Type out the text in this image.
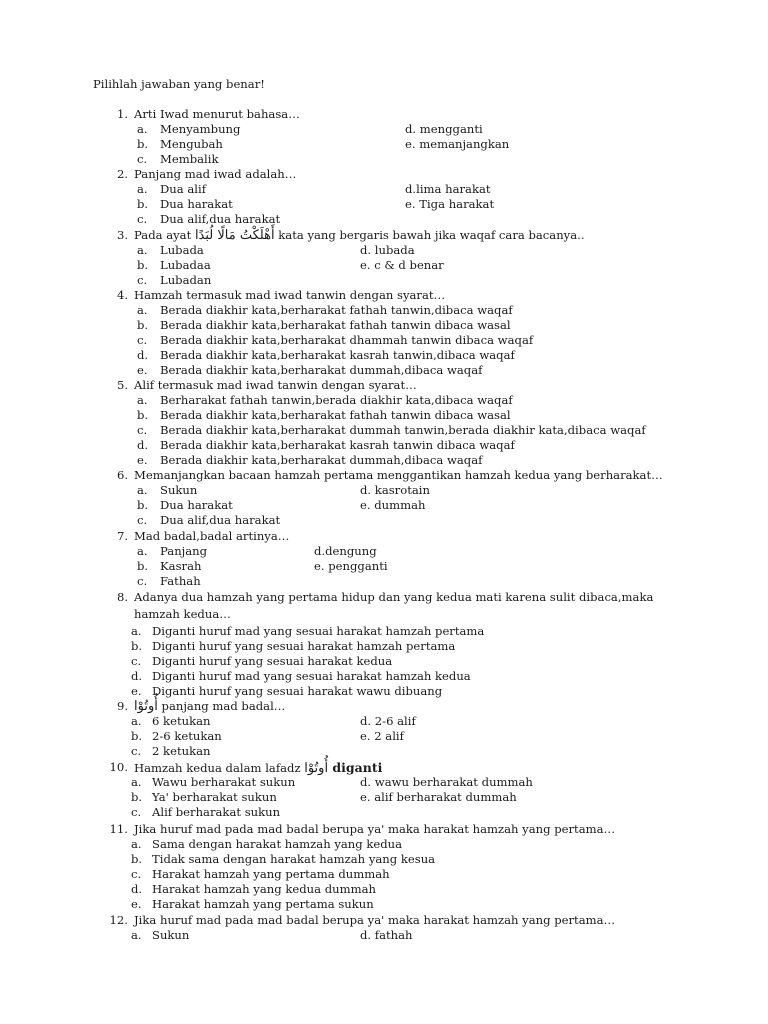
Pilihlah jawaban yang benar!
1. Arti Iwad menurut bahasa…
a. Menyambung	d. mengganti
b. Mengubah	e. memanjangkan
c. Membalik
2. Panjang mad iwad adalah…
a. Dua alif	d.lima harakat
b. Dua harakat	e. Tiga harakat
c. Dua alif,dua harakat
3. Pada ayat أَهْلَكْتُ مَالًا لُبَدًا kata yang bergaris bawah jika waqaf cara bacanya..
a. Lubada	d. lubada
b. Lubadaa	e. c & d benar
c. Lubadan
4. Hamzah termasuk mad iwad tanwin dengan syarat…
a. Berada diakhir kata,berharakat fathah tanwin,dibaca waqaf
b. Berada diakhir kata,berharakat fathah tanwin dibaca wasal
c. Berada diakhir kata,berharakat dhammah tanwin dibaca waqaf
d. Berada diakhir kata,berharakat kasrah tanwin,dibaca waqaf
e. Berada diakhir kata,berharakat dummah,dibaca waqaf
5. Alif termasuk mad iwad tanwin dengan syarat…
a. Berharakat fathah tanwin,berada diakhir kata,dibaca waqaf
b. Berada diakhir kata,berharakat fathah tanwin dibaca wasal
c. Berada diakhir kata,berharakat dummah tanwin,berada diakhir kata,dibaca waqaf
d. Berada diakhir kata,berharakat kasrah tanwin dibaca waqaf
e. Berada diakhir kata,berharakat dummah,dibaca waqaf
6. Memanjangkan bacaan hamzah pertama menggantikan hamzah kedua yang berharakat…
a. Sukun	d. kasrotain
b. Dua harakat	e. dummah
c. Dua alif,dua harakat
7. Mad badal,badal artinya…
a. Panjang	d.dengung
b. Kasrah	e. pengganti
c. Fathah
8. Adanya dua hamzah yang pertama hidup dan yang kedua mati karena sulit dibaca,maka
hamzah kedua…
a. Diganti huruf mad yang sesuai harakat hamzah pertama
b. Diganti huruf yang sesuai harakat hamzah pertama
c. Diganti huruf yang sesuai harakat kedua
d. Diganti huruf mad yang sesuai harakat hamzah kedua
e. Diganti huruf yang sesuai harakat wawu dibuang
9. أُوتُوْا panjang mad badal…
a. 6 ketukan	d. 2-6 alif
b. 2-6 ketukan	e. 2 alif
c. 2 ketukan
10. Hamzah kedua dalam lafadz أُوتُوْا diganti
a. Wawu berharakat sukun	d. wawu berharakat dummah
b. Ya' berharakat sukun	e. alif berharakat dummah
c. Alif berharakat sukun
11. Jika huruf mad pada mad badal berupa ya' maka harakat hamzah yang pertama…
a. Sama dengan harakat hamzah yang kedua
b. Tidak sama dengan harakat hamzah yang kesua
c. Harakat hamzah yang pertama dummah
d. Harakat hamzah yang kedua dummah
e. Harakat hamzah yang pertama sukun
12. Jika huruf mad pada mad badal berupa ya' maka harakat hamzah yang pertama…
a. Sukun	d. fathah
